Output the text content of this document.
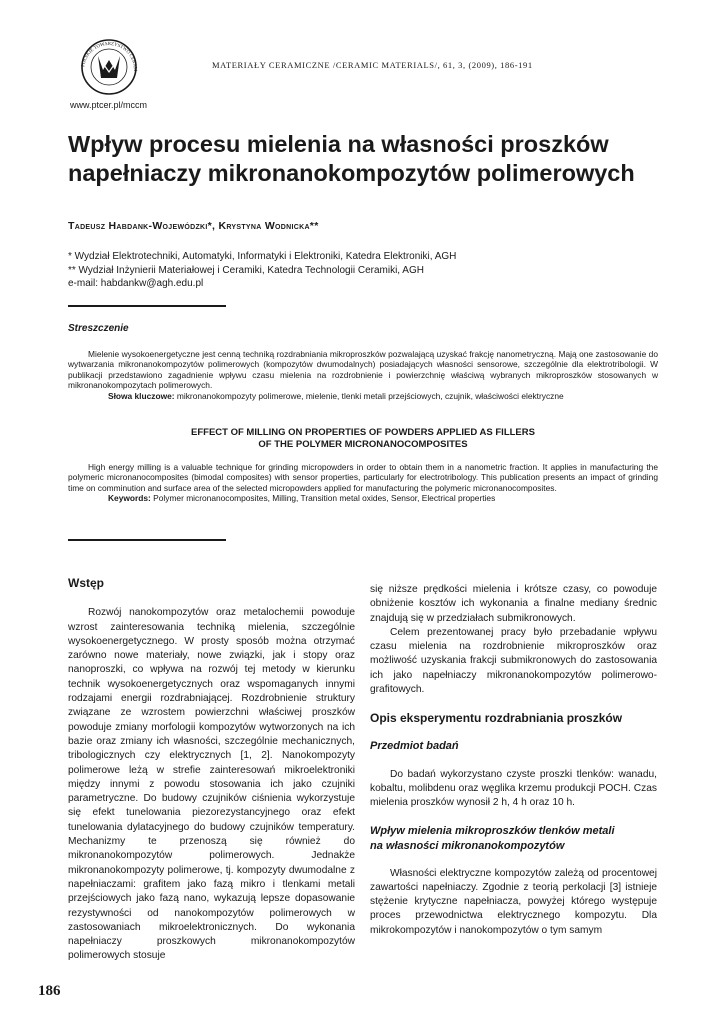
POLSKIE TOWARZYSTWO CERAM
www.ptcer.pl/mccm
MATERIAŁY CERAMICZNE /CERAMIC MATERIALS/, 61, 3, (2009), 186-191
Wpływ procesu mielenia na własności proszków
napełniaczy mikronanokompozytów polimerowych
Tadeusz Habdank-Wojewódzki*, Krystyna Wodnicka**
* Wydział Elektrotechniki, Automatyki, Informatyki i Elektroniki, Katedra Elektroniki, AGH
** Wydział Inżynierii Materiałowej i Ceramiki, Katedra Technologii Ceramiki, AGH
e-mail: habdankw@agh.edu.pl
Streszczenie

Mielenie wysokoenergetyczne jest cenną techniką rozdrabniania mikroproszków pozwalającą uzyskać frakcję nanometryczną. Mają one zastosowanie do wytwarzania mikronanokompozytów polimerowych (kompozytów dwumodalnych) posiadających własności sensorowe, szczególnie dla elektrotribologii. W publikacji przedstawiono zagadnienie wpływu czasu mielenia na rozdrobnienie i powierzchnię właściwą wybranych mikroproszków stosowanych w mikronanokompozytach polimerowych.

Słowa kluczowe: mikronanokompozyty polimerowe, mielenie, tlenki metali przejściowych, czujnik, właściwości elektryczne

EFFECT OF MILLING ON PROPERTIES OF POWDERS APPLIED AS FILLERS
OF THE POLYMER MICRONANOCOMPOSITES

High energy milling is a valuable technique for grinding micropowders in order to obtain them in a nanometric fraction. It applies in manufacturing the polymeric micronanocomposites (bimodal composites) with sensor properties, particularly for electrotribology. This publication presents an impact of grinding time on comminution and surface area of the selected micropowders applied for manufacturing the polymeric micronanocomposites.

Keywords: Polymer micronanocomposites, Milling, Transition metal oxides, Sensor, Electrical properties

Wstęp

Rozwój nanokompozytów oraz metalochemii powoduje wzrost zainteresowania techniką mielenia, szczególnie wysokoenergetycznego. W prosty sposób można otrzymać zarówno nowe materiały, nowe związki, jak i stopy oraz nanoproszki, co wpływa na rozwój tej metody w kierunku technik wysokoenergetycznych oraz wspomaganych innymi rodzajami energii rozdrabniającej. Rozdrobnienie struktury związane ze wzrostem powierzchni właściwej proszków powoduje zmiany morfologii kompozytów wytworzonych na ich bazie oraz zmiany ich własności, szczególnie mechanicznych, tribologicznych czy elektrycznych [1, 2]. Nanokompozyty polimerowe leżą w strefie zainteresowań mikroelektroniki między innymi z powodu stosowania ich jako czujniki parametryczne. Do budowy czujników ciśnienia wykorzystuje się efekt tunelowania piezorezystancyjnego oraz efekt tunelowania dylatacyjnego do budowy czujników temperatury. Mechanizmy te przenoszą się również do mikronanokompozytów polimerowych. Jednakże mikronanokompozyty polimerowe, tj. kompozyty dwumodalne z napełniaczami: grafitem jako fazą mikro i tlenkami metali przejściowych jako fazą nano, wykazują lepsze dopasowanie rezystywności od nanokompozytów polimerowych w zastosowaniach mikroelektronicznych. Do wykonania napełniaczy proszkowych mikronanokompozytów polimerowych stosuje

się niższe prędkości mielenia i krótsze czasy, co powoduje obniżenie kosztów ich wykonania a finalne mediany średnic znajdują się w przedziałach submikronowych.

Celem prezentowanej pracy było przebadanie wpływu czasu mielenia na rozdrobnienie mikroproszków oraz możliwość uzyskania frakcji submikronowych do zastosowania ich jako napełniaczy mikronanokompozytów polimerowo-grafitowych.

Opis eksperymentu rozdrabniania proszków
Przedmiot badań

Do badań wykorzystano czyste proszki tlenków: wanadu, kobaltu, molibdenu oraz węglika krzemu produkcji POCH. Czas mielenia proszków wynosił 2 h, 4 h oraz 10 h.

Wpływ mielenia mikroproszków tlenków metali
na własności mikronanokompozytów

Własności elektryczne kompozytów zależą od procentowej zawartości napełniaczy. Zgodnie z teorią perkolacji [3] istnieje stężenie krytyczne napełniacza, powyżej którego występuje proces przewodnictwa elektrycznego kompozytu. Dla mikrokompozytów i nanokompozytów o tym samym

186
